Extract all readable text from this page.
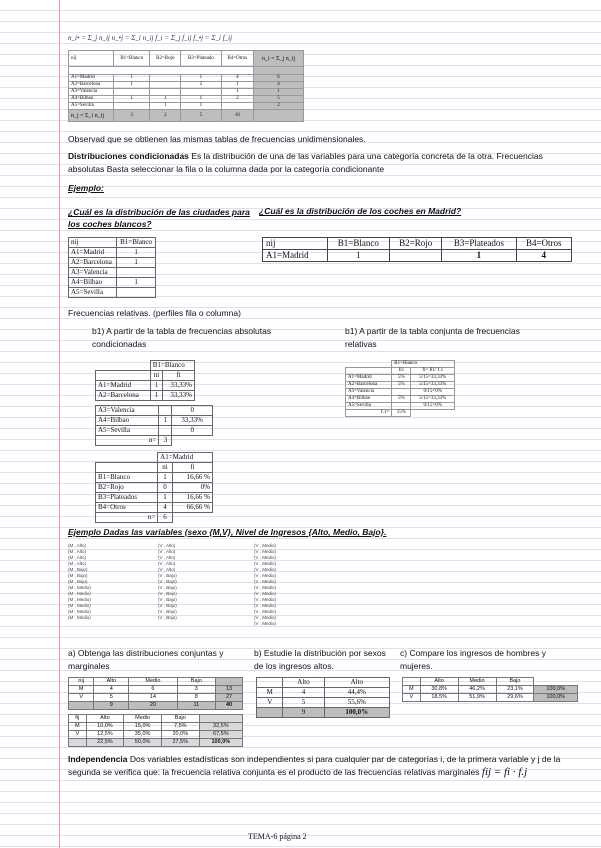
n_i• = Σ_j n_ij n_•j = Σ_i n_ij f_i = Σ_j f_ij f_•j = Σ_i f_ij
nij	B1=Blanco	B2=Rojo	B3=Plateado	B4=Otros	n_i = Σ_j n_ij

A1=Madrid	1		1	4	6
A2=Barcelona	1		2	1	4
A3=Valencia				1	1
A4=Bilbao	1	1	1	2	5
A5=Sevilla		1	1		2
n_j = Σ_i n_ij	3	2	5	10	
Observad que se obtienen las mismas tablas de frecuencias unidimensionales.
Distribuciones condicionadas Es la distribución de una de las variables para una categoría concreta de la otra. Frecuencias absolutas Basta seleccionar la fila o la columna dada por la categoría condicionante
Ejemplo:
¿Cuál es la distribución de las ciudades para los coches blancos?
¿Cuál es la distribución de los coches en Madrid?
nij	B1=Blanco
A1=Madrid	1
A2=Barcelona	1
A3=Valencia	
A4=Bilbao	1
A5=Sevilla	
nij	B1=Blanco	B2=Rojo	B3=Plateados	B4=Otros
A1=Madrid	1		1	4
Frecuencias relativas. (perfiles fila o columna)
b1) A partir de la tabla de frecuencias absolutas condicionadas
b1) A partir de la tabla conjunta de frecuencias relativas
	B1=Blanco	
	ni	fi
A1=Madrid	1	33,33%
A2=Barcelona	1	33,33%
A3=Valencia		0
A4=Bilbao	1	33,33%
A5=Sevilla		0
n=	3	
	A1=Madrid	
	ni	fi
B1=Blanco	1	16,66 %
B2=Rojo	0	0%
B3=Plateados	1	16,66 %
B4=Otros	4	66,66 %
n=	6	
	B1=Blanco	
	fi1	fi= fi1/ f.1
A1=Madrid	5%	5/15=33,33%
A2=Barcelona	5%	5/15=33,33%
A3=Valencia		0/15=0%
A4=Bilbao	5%	5/15=33,33%
A5=Sevilla		0/15=0%
f.1=	15%	
Ejemplo Dadas las variables (sexo {M,V}, Nivel de Ingresos {Alto, Medio, Bajo}.
(M , Alto)
(M , Alto)
(M , Alto)
(M , Alto)
(M , Bajo)
(M , Bajo)
(M , Bajo)
(M , Medio)
(M , Medio)
(M , Medio)
(M , Medio)
(M , Medio)
(M , Medio)
(V , Alto)
(V , Alto)
(V , Alto)
(V , Alto)
(V , Alto)
(V , Bajo)
(V , Bajo)
(V , Bajo)
(V , Bajo)
(V , Bajo)
(V , Bajo)
(V , Bajo)
(V , Bajo)
(V , Medio)
(V , Medio)
(V , Medio)
(V , Medio)
(V , Medio)
(V , Medio)
(V , Medio)
(V , Medio)
(V , Medio)
(V , Medio)
(V , Medio)
(V , Medio)
(V , Medio)
(V , Medio)
a) Obtenga las distribuciones conjuntas y marginales
b) Estudie la distribución por sexos de los ingresos altos.
c) Compare los ingresos de hombres y mujeres.
nij	Alto	Medio	Bajo	
M	4	6	3	13
V	5	14	8	27
	9	20	11	40
fij	Alto	Medio	Bajo	
M	10,0%	15,0%	7,5%	32,5%
V	12,5%	35,0%	20,0%	67,5%
	22,5%	50,0%	27,5%	100,0%
	Alto	Alto
M	4	44,4%
V	5	55,6%
	9	100,0%
	Alto	Medio	Bajo	
M	30,8%	46,2%	23,1%	100,0%
V	18,5%	51,9%	29,6%	100,0%
Independencia Dos variables estadísticas son independientes si para cualquier par de categorías i, de la primera variable y j de la segunda se verifica que: la frecuencia relativa conjunta es el producto de las frecuencias relativas marginales fij = fi · f.j
TEMA-6 página 2
